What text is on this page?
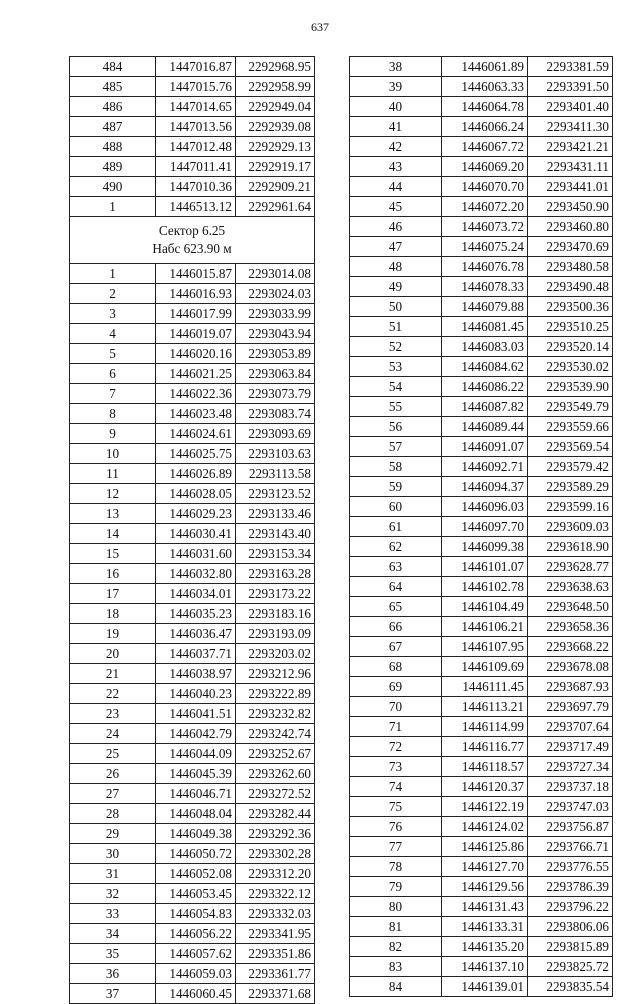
637
484	1447016.87	2292968.95
485	1447015.76	2292958.99
486	1447014.65	2292949.04
487	1447013.56	2292939.08
488	1447012.48	2292929.13
489	1447011.41	2292919.17
490	1447010.36	2292909.21
1	1446513.12	2292961.64

Сектор 6.25
Набс 623.90 м		

1	1446015.87	2293014.08
2	1446016.93	2293024.03
3	1446017.99	2293033.99
4	1446019.07	2293043.94
5	1446020.16	2293053.89
6	1446021.25	2293063.84
7	1446022.36	2293073.79
8	1446023.48	2293083.74
9	1446024.61	2293093.69
10	1446025.75	2293103.63
11	1446026.89	2293113.58
12	1446028.05	2293123.52
13	1446029.23	2293133.46
14	1446030.41	2293143.40
15	1446031.60	2293153.34
16	1446032.80	2293163.28
17	1446034.01	2293173.22
18	1446035.23	2293183.16
19	1446036.47	2293193.09
20	1446037.71	2293203.02
21	1446038.97	2293212.96
22	1446040.23	2293222.89
23	1446041.51	2293232.82
24	1446042.79	2293242.74
25	1446044.09	2293252.67
26	1446045.39	2293262.60
27	1446046.71	2293272.52
28	1446048.04	2293282.44
29	1446049.38	2293292.36
30	1446050.72	2293302.28
31	1446052.08	2293312.20
32	1446053.45	2293322.12
33	1446054.83	2293332.03
34	1446056.22	2293341.95
35	1446057.62	2293351.86
36	1446059.03	2293361.77
37	1446060.45	2293371.68
38	1446061.89	2293381.59
39	1446063.33	2293391.50
40	1446064.78	2293401.40
41	1446066.24	2293411.30
42	1446067.72	2293421.21
43	1446069.20	2293431.11
44	1446070.70	2293441.01
45	1446072.20	2293450.90
46	1446073.72	2293460.80
47	1446075.24	2293470.69
48	1446076.78	2293480.58
49	1446078.33	2293490.48
50	1446079.88	2293500.36
51	1446081.45	2293510.25
52	1446083.03	2293520.14
53	1446084.62	2293530.02
54	1446086.22	2293539.90
55	1446087.82	2293549.79
56	1446089.44	2293559.66
57	1446091.07	2293569.54
58	1446092.71	2293579.42
59	1446094.37	2293589.29
60	1446096.03	2293599.16
61	1446097.70	2293609.03
62	1446099.38	2293618.90
63	1446101.07	2293628.77
64	1446102.78	2293638.63
65	1446104.49	2293648.50
66	1446106.21	2293658.36
67	1446107.95	2293668.22
68	1446109.69	2293678.08
69	1446111.45	2293687.93
70	1446113.21	2293697.79
71	1446114.99	2293707.64
72	1446116.77	2293717.49
73	1446118.57	2293727.34
74	1446120.37	2293737.18
75	1446122.19	2293747.03
76	1446124.02	2293756.87
77	1446125.86	2293766.71
78	1446127.70	2293776.55
79	1446129.56	2293786.39
80	1446131.43	2293796.22
81	1446133.31	2293806.06
82	1446135.20	2293815.89
83	1446137.10	2293825.72
84	1446139.01	2293835.54
